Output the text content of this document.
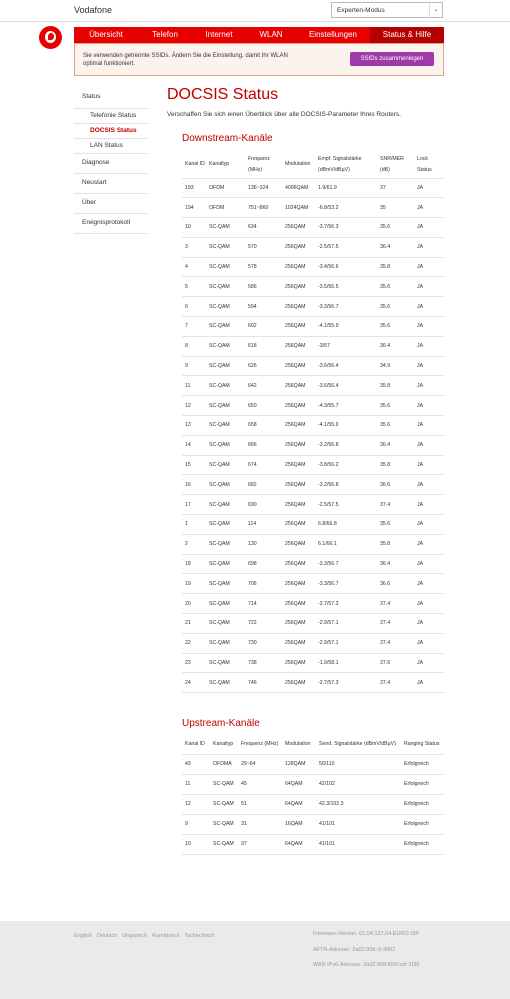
Vodafone	Experten-Modus	⌄
Übersicht	Telefon	Internet	WLAN	Einstellungen	Status & Hilfe
Sie verwenden getrennte SSIDs. Ändern Sie die Einstellung, damit Ihr WLAN optimal funktioniert.
SSIDs zusammenlegen
Status
Telefonie Status
DOCSIS Status
LAN Status
Diagnose
Neustart
Über
Ereignisprotokoll
DOCSIS Status
Verschaffen Sie sich einen Überblick über alle DOCSIS-Parameter Ihres Routers.
Downstream-Kanäle
Kanal ID	Kanaltyp	Frequenz (MHz)	Modulation	Empf. Signalstärke (dBmV/dBµV)	SNR/MER (dB)	Lock Status
193	OFDM	136~324	4096QAM	1.9/61.9	37	JA
194	OFDM	751~860	1024QAM	-6.8/53.2	35	JA
10	SC-QAM	634	256QAM	-3.7/56.3	35.6	JA
3	SC-QAM	570	256QAM	-2.5/57.5	36.4	JA
4	SC-QAM	578	256QAM	-3.4/56.6	35.8	JA
5	SC-QAM	586	256QAM	-3.5/56.5	35.6	JA
6	SC-QAM	594	256QAM	-3.3/56.7	35.6	JA
7	SC-QAM	602	256QAM	-4.1/55.9	35.6	JA
8	SC-QAM	618	256QAM	-3/57	36.4	JA
9	SC-QAM	626	256QAM	-3.6/56.4	34.9	JA
11	SC-QAM	642	256QAM	-3.6/56.4	35.8	JA
12	SC-QAM	650	256QAM	-4.3/55.7	35.6	JA
13	SC-QAM	658	256QAM	-4.1/55.9	35.6	JA
14	SC-QAM	666	256QAM	-3.2/56.8	36.4	JA
15	SC-QAM	674	256QAM	-3.8/56.2	35.8	JA
16	SC-QAM	682	256QAM	-3.2/56.8	36.6	JA
17	SC-QAM	690	256QAM	-2.5/57.5	37.4	JA
1	SC-QAM	114	256QAM	6.8/66.8	35.6	JA
2	SC-QAM	130	256QAM	6.1/66.1	35.8	JA
18	SC-QAM	698	256QAM	-3.3/56.7	36.4	JA
19	SC-QAM	706	256QAM	-3.3/56.7	36.6	JA
20	SC-QAM	714	256QAM	-2.7/57.3	37.4	JA
21	SC-QAM	722	256QAM	-2.9/57.1	37.4	JA
22	SC-QAM	730	256QAM	-2.9/57.1	37.4	JA
23	SC-QAM	738	256QAM	-1.9/58.1	37.6	JA
24	SC-QAM	746	256QAM	-2.7/57.3	37.4	JA
Upstream-Kanäle
Kanal ID	Kanaltyp	Frequenz (MHz)	Modulation	Send. Signalstärke (dBmV/dBµV)	Ranging Status
43	OFDMA	29~64	128QAM	50/110	Erfolgreich
11	SC-QAM	45	64QAM	42/102	Erfolgreich
12	SC-QAM	51	64QAM	42.3/102.3	Erfolgreich
9	SC-QAM	31	16QAM	41/101	Erfolgreich
10	SC-QAM	37	64QAM	41/101	Erfolgreich
English Deutsch Ungarisch Rumänisch Tschechisch	Firmware-Version: 01.04.137.04.EURO.SIP
AFTR-Adresse: 2a02:908::6:4002
WAN IPv6-Adresse: 2a02:908:f000:cd::1f30
